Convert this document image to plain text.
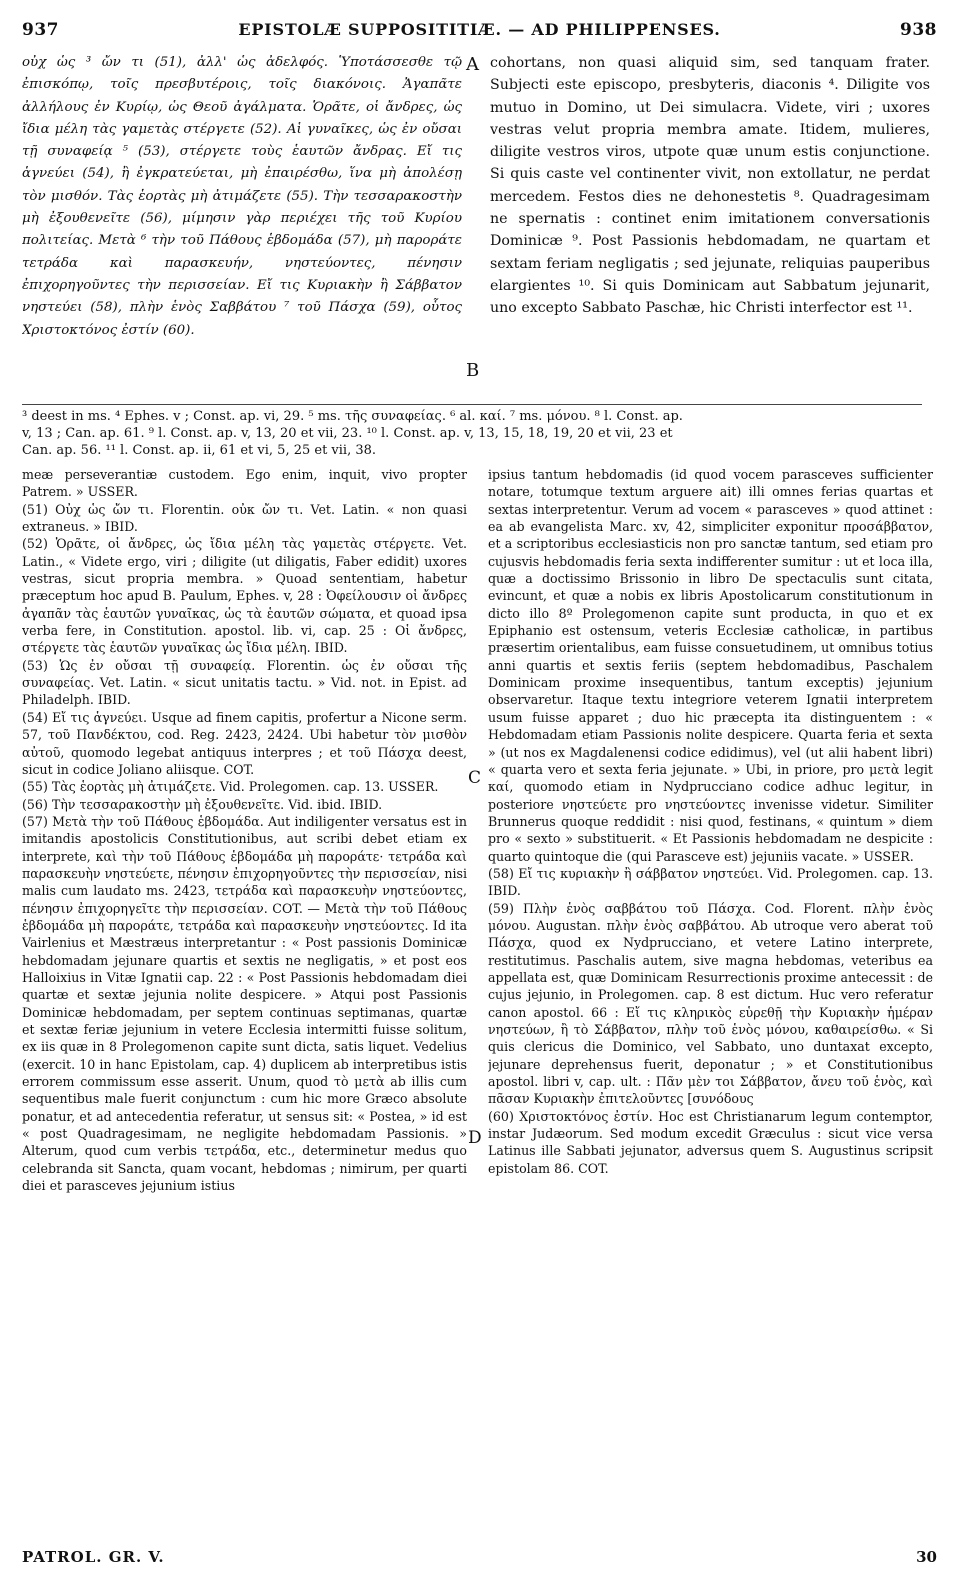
937	EPISTOLÆ SUPPOSITITIÆ. — AD PHILIPPENSES.	938

οὐχ ὡς ³ ὤν τι (51), ἀλλ' ὡς ἀδελφός. Ὑποτάσσεσθε τῷ ἐπισκόπῳ, τοῖς πρεσβυτέροις, τοῖς διακόνοις. Ἀγαπᾶτε ἀλλήλους ἐν Κυρίῳ, ὡς Θεοῦ ἀγάλματα. Ὁρᾶτε, οἱ ἄνδρες, ὡς ἴδια μέλη τὰς γαμετὰς στέργετε (52). Αἱ γυναῖκες, ὡς ἐν οὔσαι τῇ συναφείᾳ ⁵ (53), στέργετε τοὺς ἑαυτῶν ἄνδρας. Εἴ τις ἁγνεύει (54), ἢ ἐγκρατεύεται, μὴ ἐπαιρέσθω, ἵνα μὴ ἀπολέσῃ τὸν μισθόν. Τὰς ἑορτὰς μὴ ἀτιμάζετε (55). Τὴν τεσσαρακοστὴν μὴ ἐξουθενεῖτε (56), μίμησιν γὰρ περιέχει τῆς τοῦ Κυρίου πολιτείας. Μετὰ ⁶ τὴν τοῦ Πάθους ἑβδομάδα (57), μὴ παροράτε τετράδα καὶ παρασκευήν, νηστεύοντες, πένησιν ἐπιχορηγοῦντες τὴν περισσείαν. Εἴ τις Κυριακὴν ἢ Σάββατον νηστεύει (58), πλὴν ἑνὸς Σαββάτου ⁷ τοῦ Πάσχα (59), οὗτος Χριστοκτόνος ἐστίν (60).

A
B

cohortans, non quasi aliquid sim, sed tanquam frater. Subjecti este episcopo, presbyteris, diaconis ⁴. Diligite vos mutuo in Domino, ut Dei simulacra. Videte, viri ; uxores vestras velut propria membra amate. Itidem, mulieres, diligite vestros viros, utpote quæ unum estis conjunctione. Si quis caste vel continenter vivit, non extollatur, ne perdat mercedem. Festos dies ne dehonestetis ⁸. Quadragesimam ne spernatis : continet enim imitationem conversationis Dominicæ ⁹. Post Passionis hebdomadam, ne quartam et sextam feriam negligatis ; sed jejunate, reliquias pauperibus elargientes ¹⁰. Si quis Dominicam aut Sabbatum jejunarit, uno excepto Sabbato Paschæ, hic Christi interfector est ¹¹.

³ deest in ms. ⁴ Ephes. v ; Const. ap. vi, 29. ⁵ ms. τῆς συναφείας. ⁶ al. καί. ⁷ ms. μόνου. ⁸ l. Const. ap.
v, 13 ; Can. ap. 61. ⁹ l. Const. ap. v, 13, 20 et vii, 23. ¹⁰ l. Const. ap. v, 13, 15, 18, 19, 20 et vii, 23 et
Can. ap. 56. ¹¹ l. Const. ap. ii, 61 et vi, 5, 25 et vii, 38.

meæ perseverantiæ custodem. Ego enim, inquit, vivo propter Patrem. » USSER.

(51) Οὐχ ὡς ὤν τι. Florentin. οὐκ ὤν τι. Vet. Latin. « non quasi extraneus. » IBID.

(52) Ὁρᾶτε, οἱ ἄνδρες, ὡς ἴδια μέλη τὰς γαμετὰς στέργετε. Vet. Latin., « Videte ergo, viri ; diligite (ut diligatis, Faber edidit) uxores vestras, sicut propria membra. » Quoad sententiam, habetur præceptum hoc apud B. Paulum, Ephes. v, 28 : Ὀφείλουσιν οἱ ἄνδρες ἀγαπᾶν τὰς ἑαυτῶν γυναῖκας, ὡς τὰ ἑαυτῶν σώματα, et quoad ipsa verba fere, in Constitution. apostol. lib. vi, cap. 25 : Οἱ ἄνδρες, στέργετε τὰς ἑαυτῶν γυναῖκας ὡς ἴδια μέλη. IBID.

(53) Ὡς ἐν οὔσαι τῇ συναφείᾳ. Florentin. ὡς ἐν οὔσαι τῆς συναφείας. Vet. Latin. « sicut unitatis tactu. » Vid. not. in Epist. ad Philadelph. IBID.

(54) Εἴ τις ἁγνεύει. Usque ad finem capitis, profertur a Nicone serm. 57, τοῦ Πανδέκτου, cod. Reg. 2423, 2424. Ubi habetur τὸν μισθὸν αὐτοῦ, quomodo legebat antiquus interpres ; et τοῦ Πάσχα deest, sicut in codice Joliano aliisque. COT.

(55) Τὰς ἑορτὰς μὴ ἀτιμάζετε. Vid. Prolegomen. cap. 13. USSER.

(56) Τὴν τεσσαρακοστὴν μὴ ἐξουθενεῖτε. Vid. ibid. IBID.

(57) Μετὰ τὴν τοῦ Πάθους ἑβδομάδα. Aut indiligenter versatus est in imitandis apostolicis Constitutionibus, aut scribi debet etiam ex interprete, καὶ τὴν τοῦ Πάθους ἑβδομάδα μὴ παροράτε· τετράδα καὶ παρασκευὴν νηστεύετε, πένησιν ἐπιχορηγοῦντες τὴν περισσείαν, nisi malis cum laudato ms. 2423, τετράδα καὶ παρασκευὴν νηστεύοντες, πένησιν ἐπιχορηγεῖτε τὴν περισσείαν. COT. — Μετὰ τὴν τοῦ Πάθους ἑβδομάδα μὴ παροράτε, τετράδα καὶ παρασκευὴν νηστεύοντες. Id ita Vairlenius et Mæstræus interpretantur : « Post passionis Dominicæ hebdomadam jejunare quartis et sextis ne negligatis, » et post eos Halloixius in Vitæ Ignatii cap. 22 : « Post Passionis hebdomadam diei quartæ et sextæ jejunia nolite despicere. » Atqui post Passionis Dominicæ hebdomadam, per septem continuas septimanas, quartæ et sextæ feriæ jejunium in vetere Ecclesia intermitti fuisse solitum, ex iis quæ in 8 Prolegomenon capite sunt dicta, satis liquet. Vedelius (exercit. 10 in hanc Epistolam, cap. 4) duplicem ab interpretibus istis errorem commissum esse asserit. Unum, quod τὸ μετὰ ab illis cum sequentibus male fuerit conjunctum : cum hic more Græco absolute ponatur, et ad antecedentia referatur, ut sensus sit: « Postea, » id est « post Quadragesimam, ne negligite hebdomadam Passionis. » Alterum, quod cum verbis τετράδα, etc., determinetur medus quo celebranda sit Sancta, quam vocant, hebdomas ; nimirum, per quarti diei et parasceves jejunium istius

C
D

ipsius tantum hebdomadis (id quod vocem parasceves sufficienter notare, totumque textum arguere ait) illi omnes ferias quartas et sextas interpretentur. Verum ad vocem « parasceves » quod attinet : ea ab evangelista Marc. xv, 42, simpliciter exponitur προσάββατον, et a scriptoribus ecclesiasticis non pro sanctæ tantum, sed etiam pro cujusvis hebdomadis feria sexta indifferenter sumitur : ut et loca illa, quæ a doctissimo Brissonio in libro De spectaculis sunt citata, evincunt, et quæ a nobis ex libris Apostolicarum constitutionum in dicto illo 8º Prolegomenon capite sunt producta, in quo et ex Epiphanio est ostensum, veteris Ecclesiæ catholicæ, in partibus præsertim orientalibus, eam fuisse consuetudinem, ut omnibus totius anni quartis et sextis feriis (septem hebdomadibus, Paschalem Dominicam proxime insequentibus, tantum exceptis) jejunium observaretur. Itaque textu integriore veterem Ignatii interpretem usum fuisse apparet ; duo hic præcepta ita distinguentem : « Hebdomadam etiam Passionis nolite despicere. Quarta feria et sexta » (ut nos ex Magdalenensi codice edidimus), vel (ut alii habent libri) « quarta vero et sexta feria jejunate. » Ubi, in priore, pro μετὰ legit καί, quomodo etiam in Nydpruccianо codice adhuc legitur, in posteriore νηστεύετε pro νηστεύοντες invenisse videtur. Similiter Brunnerus quoque reddidit : nisi quod, festinans, « quintum » diem pro « sexto » substituerit. « Et Passionis hebdomadam ne despicite : quarto quintoque die (qui Parasceve est) jejuniis vacate. » USSER.

(58) Εἴ τις κυριακὴν ἢ σάββατον νηστεύει. Vid. Prolegomen. cap. 13. IBID.

(59) Πλὴν ἑνὸς σαββάτου τοῦ Πάσχα. Cod. Florent. πλὴν ἑνὸς μόνου. Augustan. πλὴν ἑνὸς σαββάτου. Ab utroque vero aberat τοῦ Πάσχα, quod ex Nydprucciano, et vetere Latino interprete, restitutimus. Paschalis autem, sive magna hebdomas, veteribus ea appellata est, quæ Dominicam Resurrectionis proxime antecessit : de cujus jejunio, in Prolegomen. cap. 8 est dictum. Huc vero referatur canon apostol. 66 : Εἴ τις κληρικὸς εὑρεθῇ τὴν Κυριακὴν ἡμέραν νηστεύων, ἢ τὸ Σάββατον, πλὴν τοῦ ἑνὸς μόνου, καθαιρείσθω. « Si quis clericus die Dominico, vel Sabbato, uno duntaxat excepto, jejunare deprehensus fuerit, deponatur ; » et Constitutionibus apostol. libri v, cap. ult. : Πᾶν μὲν τοι Σάββατον, ἄνευ τοῦ ἑνὸς, καὶ πᾶσαν Κυριακὴν ἐπιτελοῦντες [συνόδους

(60) Χριστοκτόνος ἐστίν. Hoc est Christianarum legum contemptor, instar Judæorum. Sed modum excedit Græculus : sicut vice versa Latinus ille Sabbati jejunator, adversus quem S. Augustinus scripsit epistolam 86. COT.

PATROL. GR. V.	30
